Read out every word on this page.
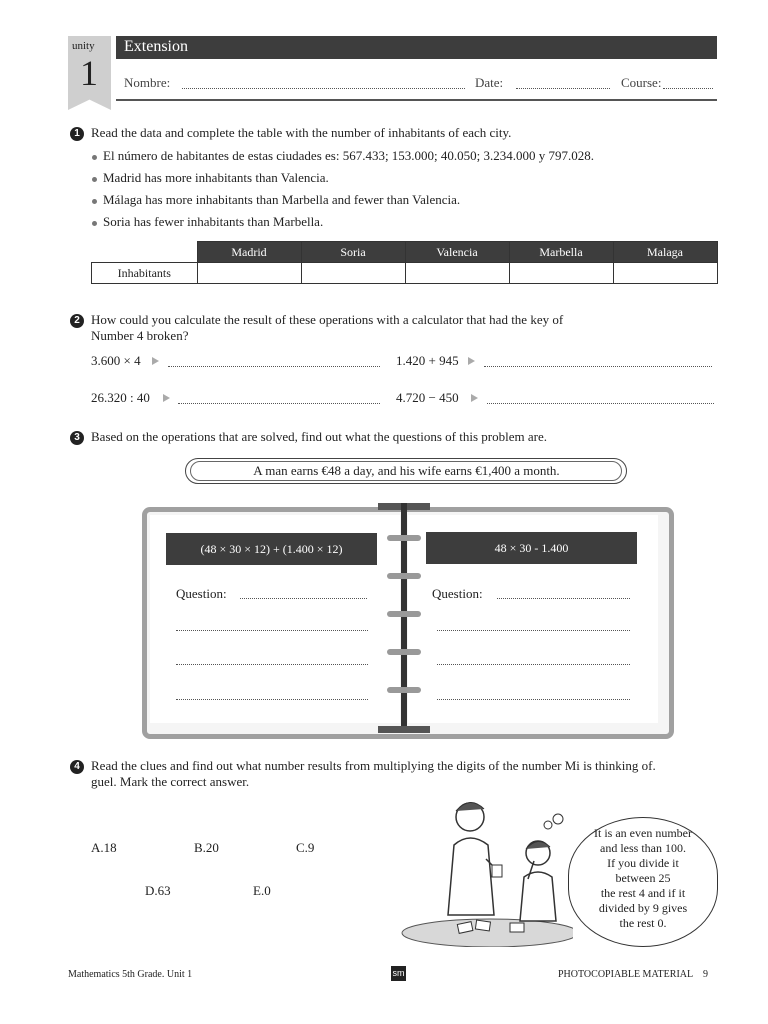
unity
1
Extension
Nombre:	Date:	Course:
1 Read the data and complete the table with the number of inhabitants of each city.
El número de habitantes de estas ciudades es: 567.433; 153.000; 40.050; 3.234.000 y 797.028.
Madrid has more inhabitants than Valencia.
Málaga has more inhabitants than Marbella and fewer than Valencia.
Soria has fewer inhabitants than Marbella.
	Madrid	Soria	Valencia	Marbella	Malaga
Inhabitants					
2 How could you calculate the result of these operations with a calculator that had the key of
Number 4 broken?
3.600 × 4	1.420 + 945
26.320 : 40	4.720 − 450
3 Based on the operations that are solved, find out what the questions of this problem are.
A man earns €48 a day, and his wife earns €1,400 a month.
(48 × 30 × 12) + (1.400 × 12)	48 × 30 - 1.400
Question:	Question:
4 Read the clues and find out what number results from multiplying the digits of the number Mi is thinking of.
guel. Mark the correct answer.
A.18	B.20	C.9
D.63	E.0
It is an even number
and less than 100.
If you divide it
between 25
the rest 4 and if it
divided by 9 gives
the rest 0.
Mathematics 5th Grade. Unit 1	sm	PHOTOCOPIABLE MATERIAL 9
